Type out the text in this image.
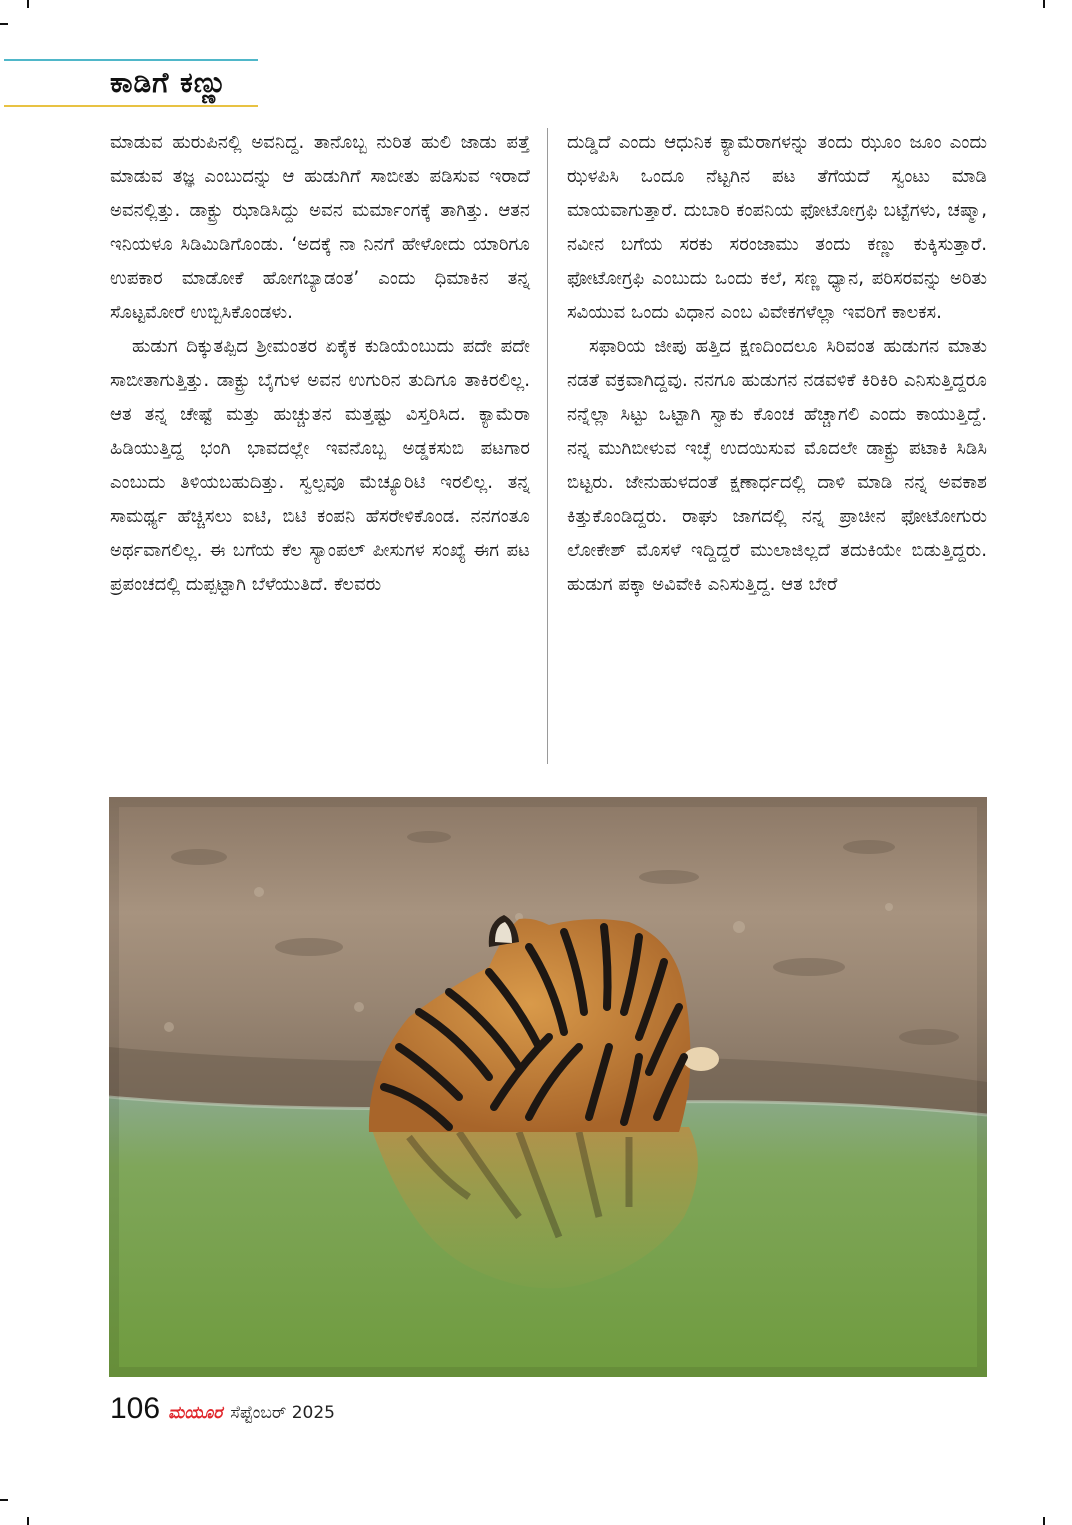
ಕಾಡಿಗೆ ಕಣ್ಣು

ಮಾಡುವ ಹುರುಪಿನಲ್ಲಿ ಅವನಿದ್ದ. ತಾನೊಬ್ಬ ನುರಿತ ಹುಲಿ ಜಾಡು ಪತ್ತೆ ಮಾಡುವ ತಜ್ಞ ಎಂಬುದನ್ನು ಆ ಹುಡುಗಿಗೆ ಸಾಬೀತು ಪಡಿಸುವ ಇರಾದೆ ಅವನಲ್ಲಿತ್ತು. ಡಾಕ್ಟ್ರು ಝಾಡಿಸಿದ್ದು ಅವನ ಮರ್ಮಾಂಗಕ್ಕೆ ತಾಗಿತ್ತು. ಆತನ ಇನಿಯಳೂ ಸಿಡಿಮಿಡಿಗೊಂಡು. ‘ಅದಕ್ಕೆ ನಾ ನಿನಗೆ ಹೇಳೋದು ಯಾರಿಗೂ ಉಪಕಾರ ಮಾಡೋಕೆ ಹೋಗಬ್ಯಾಡಂತ’ ಎಂದು ಧಿಮಾಕಿನ ತನ್ನ ಸೊಟ್ಟಮೋರೆ ಉಬ್ಬಿಸಿಕೊಂಡಳು.

ಹುಡುಗ ದಿಕ್ಕುತಪ್ಪಿದ ಶ್ರೀಮಂತರ ಏಕೈಕ ಕುಡಿಯೆಂಬುದು ಪದೇ ಪದೇ ಸಾಬೀತಾಗುತ್ತಿತ್ತು. ಡಾಕ್ಟ್ರು ಬೈಗುಳ ಅವನ ಉಗುರಿನ ತುದಿಗೂ ತಾಕಿರಲಿಲ್ಲ. ಆತ ತನ್ನ ಚೇಷ್ಟೆ ಮತ್ತು ಹುಚ್ಚುತನ ಮತ್ತಷ್ಟು ವಿಸ್ತರಿಸಿದ. ಕ್ಯಾಮೆರಾ ಹಿಡಿಯುತ್ತಿದ್ದ ಭಂಗಿ ಭಾವದಲ್ಲೇ ಇವನೊಬ್ಬ ಅಡ್ಡಕಸುಬಿ ಪಟಗಾರ ಎಂಬುದು ತಿಳಿಯಬಹುದಿತ್ತು. ಸ್ವಲ್ಪವೂ ಮೆಚ್ಯೂರಿಟಿ ಇರಲಿಲ್ಲ. ತನ್ನ ಸಾಮರ್ಥ್ಯ ಹೆಚ್ಚಿಸಲು ಐಟಿ, ಬಿಟಿ ಕಂಪನಿ ಹೆಸರೇಳಿಕೊಂಡ. ನನಗಂತೂ ಅರ್ಥವಾಗಲಿಲ್ಲ. ಈ ಬಗೆಯ ಕೆಲ ಸ್ಯಾಂಪಲ್ ಪೀಸುಗಳ ಸಂಖ್ಯೆ ಈಗ ಪಟ ಪ್ರಪಂಚದಲ್ಲಿ ದುಪ್ಪಟ್ಟಾಗಿ ಬೆಳೆಯುತಿದೆ. ಕೆಲವರು

ದುಡ್ಡಿದೆ ಎಂದು ಆಧುನಿಕ ಕ್ಯಾಮೆರಾಗಳನ್ನು ತಂದು ಝೂಂ ಜೂಂ ಎಂದು ಝಳಪಿಸಿ ಒಂದೂ ನೆಟ್ಟಗಿನ ಪಟ ತೆಗೆಯದೆ ಸ್ವಂಟು ಮಾಡಿ ಮಾಯವಾಗುತ್ತಾರೆ. ದುಬಾರಿ ಕಂಪನಿಯ ಫೋಟೋಗ್ರಫಿ ಬಟ್ಟೆಗಳು, ಚಷ್ಮಾ, ನವೀನ ಬಗೆಯ ಸರಕು ಸರಂಜಾಮು ತಂದು ಕಣ್ಣು ಕುಕ್ಕಿಸುತ್ತಾರೆ. ಫೋಟೋಗ್ರಫಿ ಎಂಬುದು ಒಂದು ಕಲೆ, ಸಣ್ಣ ಧ್ಯಾನ, ಪರಿಸರವನ್ನು ಅರಿತು ಸವಿಯುವ ಒಂದು ವಿಧಾನ ಎಂಬ ವಿವೇಕಗಳೆಲ್ಲಾ ಇವರಿಗೆ ಕಾಲಕಸ.

ಸಫಾರಿಯ ಜೀಪು ಹತ್ತಿದ ಕ್ಷಣದಿಂದಲೂ ಸಿರಿವಂತ ಹುಡುಗನ ಮಾತು ನಡತೆ ವಕ್ರವಾಗಿದ್ದವು. ನನಗೂ ಹುಡುಗನ ನಡವಳಿಕೆ ಕಿರಿಕಿರಿ ಎನಿಸುತ್ತಿದ್ದರೂ ನನ್ನೆಲ್ಲಾ ಸಿಟ್ಟು ಒಟ್ಟಾಗಿ ಸ್ವಾಕು ಕೊಂಚ ಹೆಚ್ಚಾಗಲಿ ಎಂದು ಕಾಯುತ್ತಿದ್ದೆ. ನನ್ನ ಮುಗಿಬೀಳುವ ಇಚ್ಛೆ ಉದಯಿಸುವ ಮೊದಲೇ ಡಾಕ್ಟ್ರು ಪಟಾಕಿ ಸಿಡಿಸಿ ಬಿಟ್ಟರು. ಜೇನುಹುಳದಂತೆ ಕ್ಷಣಾರ್ಧದಲ್ಲಿ ದಾಳಿ ಮಾಡಿ ನನ್ನ ಅವಕಾಶ ಕಿತ್ತುಕೊಂಡಿದ್ದರು. ರಾಘು ಜಾಗದಲ್ಲಿ ನನ್ನ ಪ್ರಾಚೀನ ಫೋಟೋಗುರು ಲೋಕೇಶ್ ಮೊಸಳೆ ಇದ್ದಿದ್ದರೆ ಮುಲಾಜಿಲ್ಲದೆ ತದುಕಿಯೇ ಬಿಡುತ್ತಿದ್ದರು. ಹುಡುಗ ಪಕ್ಕಾ ಅವಿವೇಕಿ ಎನಿಸುತ್ತಿದ್ದ. ಆತ ಬೇರೆ

106 ಮಯೂರ ಸೆಪ್ಟೆಂಬರ್ 2025
